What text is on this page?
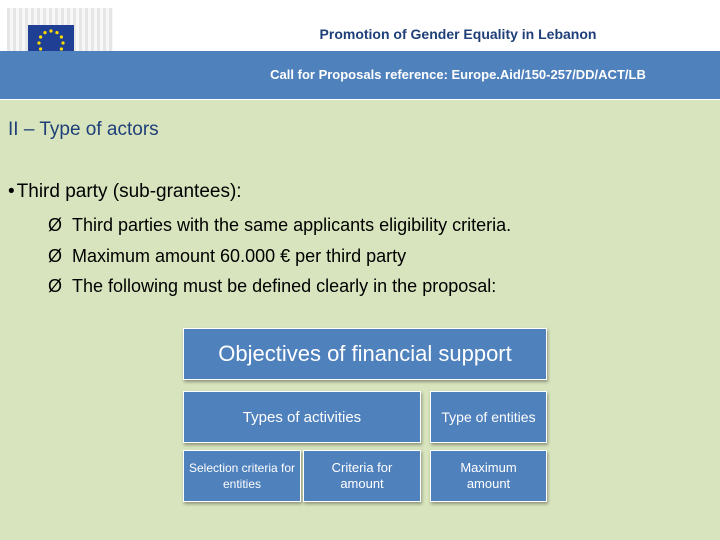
Promotion of Gender Equality in Lebanon
Call for Proposals reference: Europe.Aid/150-257/DD/ACT/LB
II – Type of actors
• Third party (sub-grantees):
Ø Third parties with the same applicants eligibility criteria.
Ø Maximum amount 60.000 € per third party
Ø The following must be defined clearly in the proposal:
Objectives of financial support
Types of activities	Type of entities
Selection criteria for entities
Criteria for amount
Maximum amount
